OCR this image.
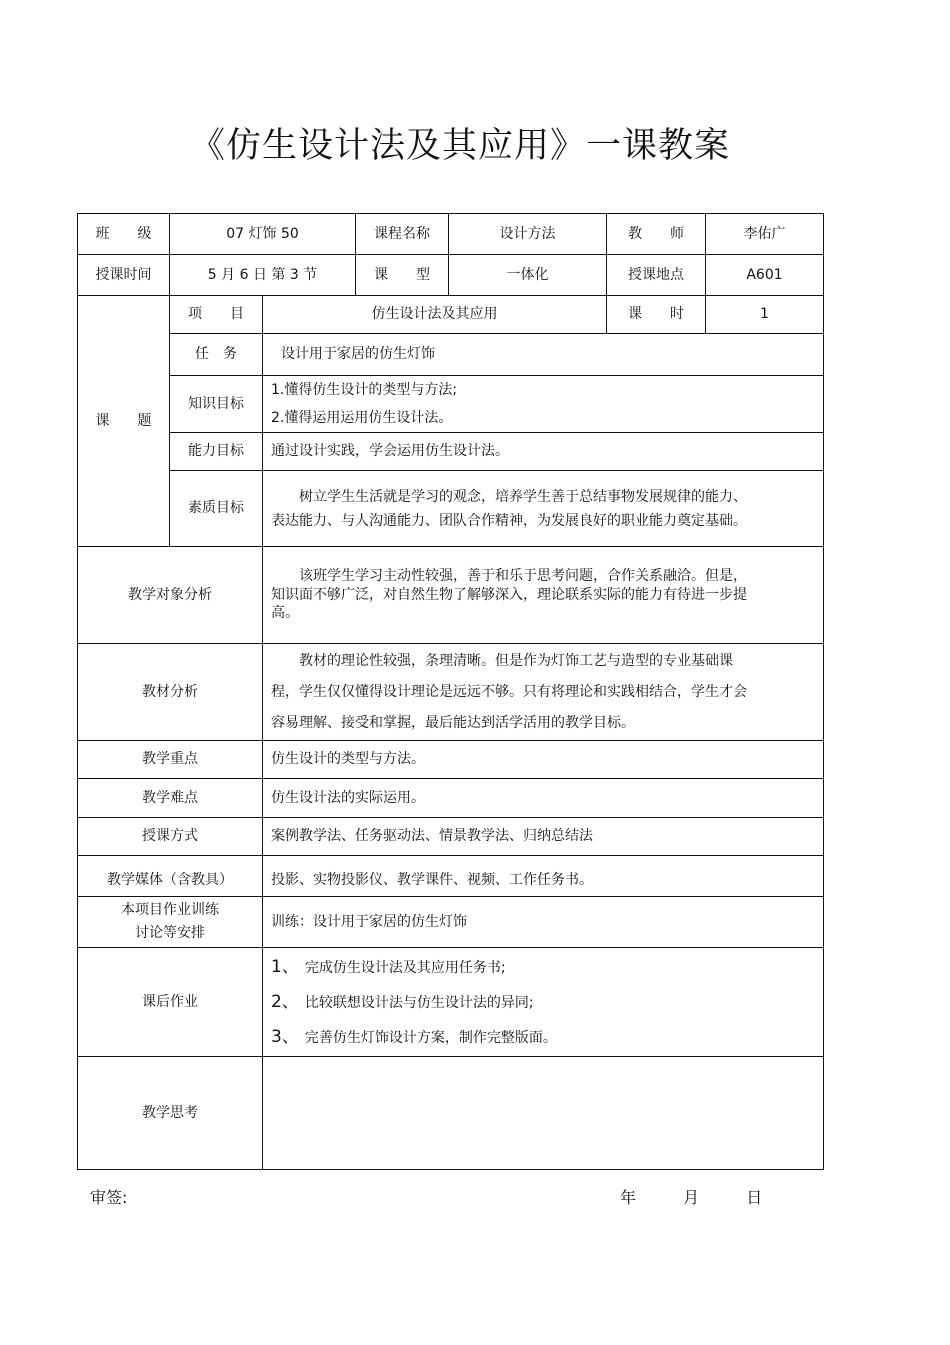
《仿生设计法及其应用》一课教案
班　　级	07 灯饰 50		课程名称	设计方法	教　　师	李佑广
授课时间	5 月 6 日 第 3 节		课　　型	一体化	授课地点	A601
课　　题	项　　目	仿生设计法及其应用			课　　时	1
	任　务	设计用于家居的仿生灯饰				
	知识目标	1.懂得仿生设计的类型与方法;
2.懂得运用运用仿生设计法。				

	能力目标	通过设计实践，学会运用仿生设计法。				
	素质目标	树立学生生活就是学习的观念，培养学生善于总结事物发展规律的能力、表达能力、与人沟通能力、团队合作精神，为发展良好的职业能力奠定基础。				
教学对象分析		该班学生学习主动性较强，善于和乐于思考问题，合作关系融洽。但是，知识面不够广泛，对自然生物了解够深入，理论联系实际的能力有待进一步提高。				
教材分析		教材的理论性较强，条理清晰。但是作为灯饰工艺与造型的专业基础课程，学生仅仅懂得设计理论是远远不够。只有将理论和实践相结合，学生才会容易理解、接受和掌握，最后能达到活学活用的教学目标。				
教学重点		仿生设计的类型与方法。				
教学难点		仿生设计法的实际运用。				
授课方式		案例教学法、任务驱动法、情景教学法、归纳总结法				
教学媒体（含教具）		投影、实物投影仪、教学课件、视频、工作任务书。				

本项目作业训练
讨论等安排		训练：设计用于家居的仿生灯饰				
课后作业		1、 完成仿生设计法及其应用任务书;
2、 比较联想设计法与仿生设计法的异同;
3、 完善仿生灯饰设计方案，制作完整版面。				

教学思考						
审签:	年	月	日
